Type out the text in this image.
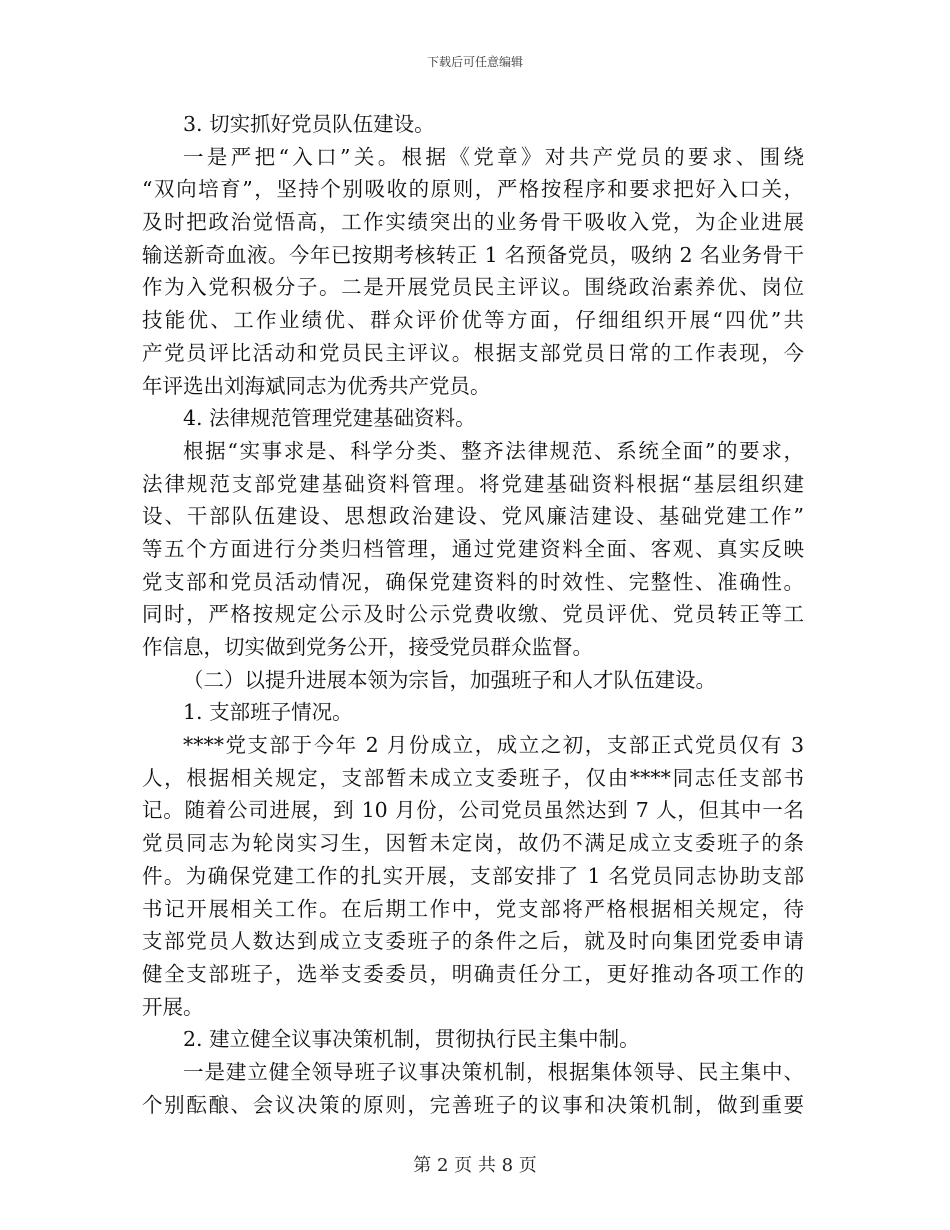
下载后可任意编辑
3. 切实抓好党员队伍建设。
一是严把“入口”关。根据《党章》对共产党员的要求、围绕
“双向培育”，坚持个别吸收的原则，严格按程序和要求把好入口关，
及时把政治觉悟高，工作实绩突出的业务骨干吸收入党，为企业进展
输送新奇血液。今年已按期考核转正 1 名预备党员，吸纳 2 名业务骨干
作为入党积极分子。二是开展党员民主评议。围绕政治素养优、岗位
技能优、工作业绩优、群众评价优等方面，仔细组织开展“四优”共
产党员评比活动和党员民主评议。根据支部党员日常的工作表现，今
年评选出刘海斌同志为优秀共产党员。
4. 法律规范管理党建基础资料。
根据“实事求是、科学分类、整齐法律规范、系统全面”的要求，
法律规范支部党建基础资料管理。将党建基础资料根据“基层组织建
设、干部队伍建设、思想政治建设、党风廉洁建设、基础党建工作”
等五个方面进行分类归档管理，通过党建资料全面、客观、真实反映
党支部和党员活动情况，确保党建资料的时效性、完整性、准确性。
同时，严格按规定公示及时公示党费收缴、党员评优、党员转正等工
作信息，切实做到党务公开，接受党员群众监督。
（二）以提升进展本领为宗旨，加强班子和人才队伍建设。
1. 支部班子情况。
****党支部于今年 2 月份成立，成立之初，支部正式党员仅有 3
人，根据相关规定，支部暂未成立支委班子，仅由****同志任支部书
记。随着公司进展，到 10 月份，公司党员虽然达到 7 人，但其中一名
党员同志为轮岗实习生，因暂未定岗，故仍不满足成立支委班子的条
件。为确保党建工作的扎实开展，支部安排了 1 名党员同志协助支部
书记开展相关工作。在后期工作中，党支部将严格根据相关规定，待
支部党员人数达到成立支委班子的条件之后，就及时向集团党委申请
健全支部班子，选举支委委员，明确责任分工，更好推动各项工作的
开展。
2. 建立健全议事决策机制，贯彻执行民主集中制。
一是建立健全领导班子议事决策机制，根据集体领导、民主集中、
个别酝酿、会议决策的原则，完善班子的议事和决策机制，做到重要
第 2 页 共 8 页
